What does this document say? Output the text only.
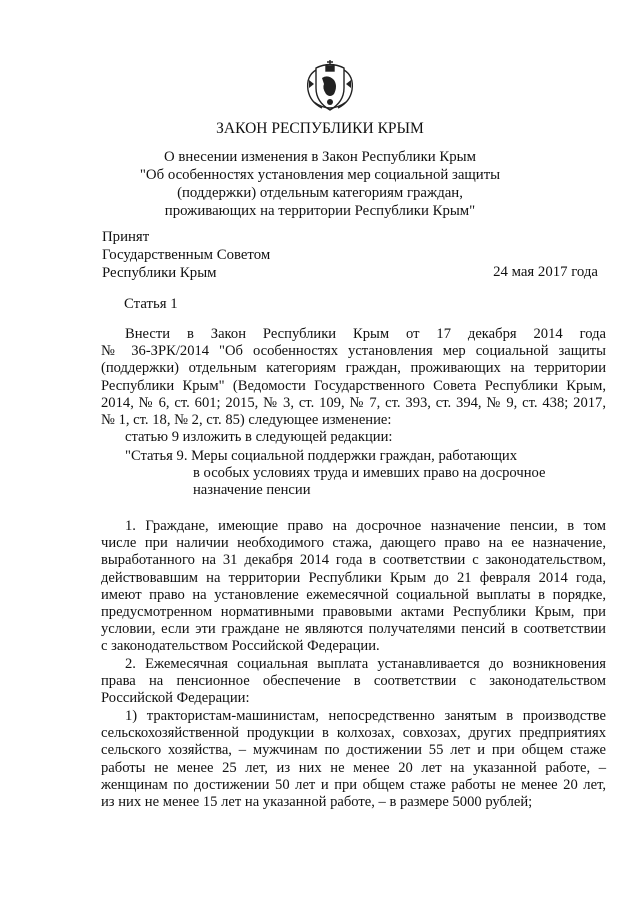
ЗАКОН РЕСПУБЛИКИ КРЫМ

О внесении изменения в Закон Республики Крым

"Об особенностях установления мер социальной защиты

(поддержки) отдельным категориям граждан,

проживающих на территории Республики Крым"

Принят

Государственным Советом

Республики Крым	24 мая 2017 года
Статья 1

Внести в Закон Республики Крым от 17 декабря 2014 года

№ 36-ЗРК/2014 "Об особенностях установления мер социальной защиты

(поддержки) отдельным категориям граждан, проживающих на территории

Республики Крым" (Ведомости Государственного Совета Республики Крым,

2014, № 6, ст. 601; 2015, № 3, ст. 109, № 7, ст. 393, ст. 394, № 9, ст. 438; 2017,

№ 1, ст. 18, № 2, ст. 85) следующее изменение:

статью 9 изложить в следующей редакции:

"Статья 9. Меры социальной поддержки граждан, работающих

в особых условиях труда и имевших право на досрочное

назначение пенсии

1. Граждане, имеющие право на досрочное назначение пенсии, в том

числе при наличии необходимого стажа, дающего право на ее назначение,

выработанного на 31 декабря 2014 года в соответствии с законодательством,

действовавшим на территории Республики Крым до 21 февраля 2014 года,

имеют право на установление ежемесячной социальной выплаты в порядке,

предусмотренном нормативными правовыми актами Республики Крым, при

условии, если эти граждане не являются получателями пенсий в соответствии

с законодательством Российской Федерации.

2. Ежемесячная социальная выплата устанавливается до возникновения

права на пенсионное обеспечение в соответствии с законодательством

Российской Федерации:

1) трактористам-машинистам, непосредственно занятым в производстве

сельскохозяйственной продукции в колхозах, совхозах, других предприятиях

сельского хозяйства, – мужчинам по достижении 55 лет и при общем стаже

работы не менее 25 лет, из них не менее 20 лет на указанной работе, –

женщинам по достижении 50 лет и при общем стаже работы не менее 20 лет,

из них не менее 15 лет на указанной работе, – в размере 5000 рублей;
